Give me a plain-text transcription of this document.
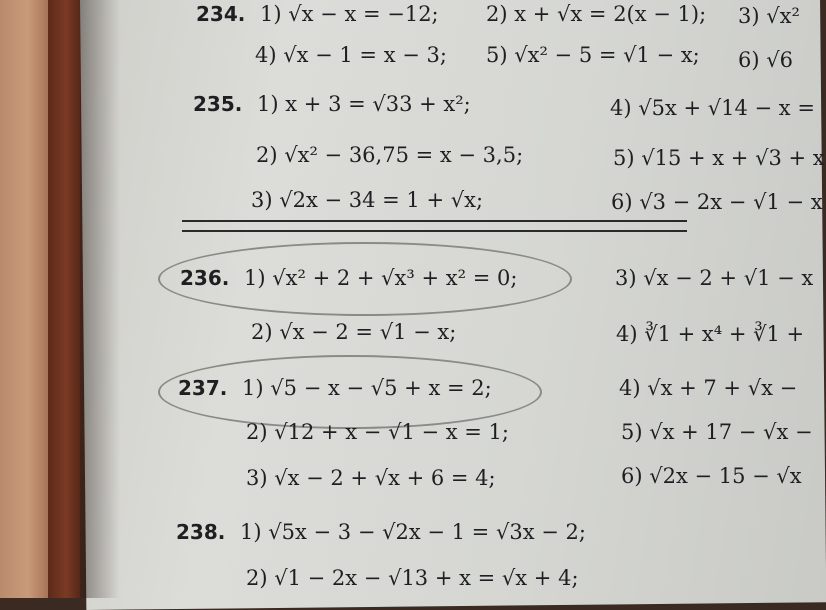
234. 1) √x − x = −12; 2) x + √x = 2(x − 1); 3) √x²
4) √x − 1 = x − 3; 5) √x² − 5 = √1 − x; 6) √6
235. 1) x + 3 = √33 + x²;	4) √5x + √14 − x =
2) √x² − 36,75 = x − 3,5;	5) √15 + x + √3 + x
3) √2x − 34 = 1 + √x;	6) √3 − 2x − √1 − x
236. 1) √x² + 2 + √x³ + x² = 0;	3) √x − 2 + √1 − x
2) √x − 2 = √1 − x;	4) ∛1 + x⁴ + ∛1 +
237. 1) √5 − x − √5 + x = 2;	4) √x + 7 + √x −
2) √12 + x − √1 − x = 1;	5) √x + 17 − √x −
3) √x − 2 + √x + 6 = 4;	6) √2x − 15 − √x
238. 1) √5x − 3 − √2x − 1 = √3x − 2;
2) √1 − 2x − √13 + x = √x + 4;
